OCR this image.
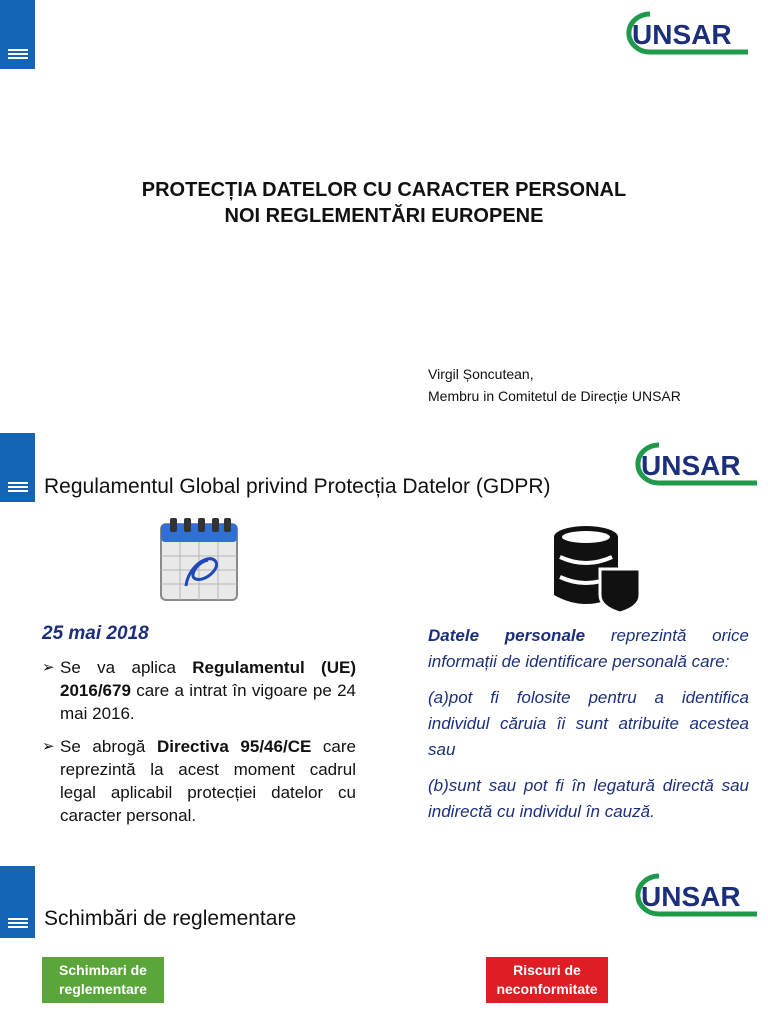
UNSAR
PROTECȚIA DATELOR CU CARACTER PERSONAL
NOI REGLEMENTĂRI EUROPENE
Virgil Șoncutean,
Membru in Comitetul de Direcție UNSAR
Regulamentul Global privind Protecția Datelor (GDPR)
UNSAR
25 mai 2018
➢ Se va aplica Regulamentul (UE) 2016/679 care a intrat în vigoare pe 24 mai 2016.
➢ Se abrogă Directiva 95/46/CE care reprezintă la acest moment cadrul legal aplicabil protecției datelor cu caracter personal.

Datele personale reprezintă orice informații de identificare personală care:

(a)pot fi folosite pentru a identifica individul căruia îi sunt atribuite acestea sau

(b)sunt sau pot fi în legatură directă sau indirectă cu individul în cauză.

Schimbări de reglementare
UNSAR
Schimbari de reglementare
Riscuri de neconformitate
